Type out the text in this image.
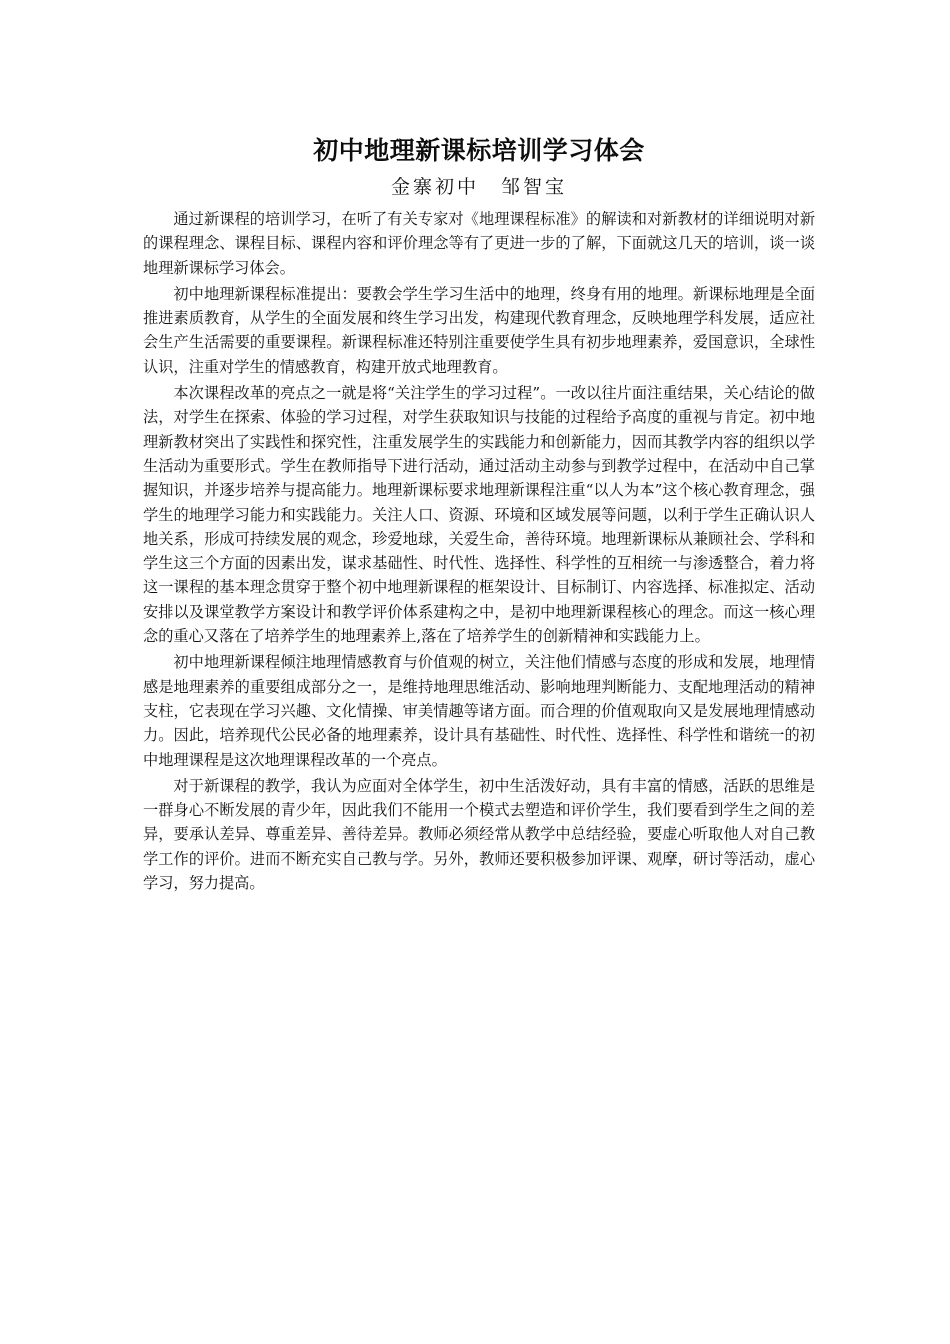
初中地理新课标培训学习体会
金寨初中 邹智宝

通过新课程的培训学习，在听了有关专家对《地理课程标准》的解读和对新教材的详细说明对新的课程理念、课程目标、课程内容和评价理念等有了更进一步的了解，下面就这几天的培训，谈一谈地理新课标学习体会。

初中地理新课程标准提出：要教会学生学习生活中的地理，终身有用的地理。新课标地理是全面推进素质教育，从学生的全面发展和终生学习出发，构建现代教育理念，反映地理学科发展，适应社会生产生活需要的重要课程。新课程标准还特别注重要使学生具有初步地理素养，爱国意识，全球性认识，注重对学生的情感教育，构建开放式地理教育。

本次课程改革的亮点之一就是将“关注学生的学习过程”。一改以往片面注重结果，关心结论的做法，对学生在探索、体验的学习过程，对学生获取知识与技能的过程给予高度的重视与肯定。初中地理新教材突出了实践性和探究性，注重发展学生的实践能力和创新能力，因而其教学内容的组织以学生活动为重要形式。学生在教师指导下进行活动，通过活动主动参与到教学过程中，在活动中自己掌握知识，并逐步培养与提高能力。地理新课标要求地理新课程注重“以人为本”这个核心教育理念，强学生的地理学习能力和实践能力。关注人口、资源、环境和区域发展等问题，以利于学生正确认识人地关系，形成可持续发展的观念，珍爱地球，关爱生命，善待环境。地理新课标从兼顾社会、学科和学生这三个方面的因素出发，谋求基础性、时代性、选择性、科学性的互相统一与渗透整合，着力将这一课程的基本理念贯穿于整个初中地理新课程的框架设计、目标制订、内容选择、标准拟定、活动安排以及课堂教学方案设计和教学评价体系建构之中，是初中地理新课程核心的理念。而这一核心理念的重心又落在了培养学生的地理素养上,落在了培养学生的创新精神和实践能力上。

初中地理新课程倾注地理情感教育与价值观的树立，关注他们情感与态度的形成和发展，地理情感是地理素养的重要组成部分之一，是维持地理思维活动、影响地理判断能力、支配地理活动的精神支柱，它表现在学习兴趣、文化情操、审美情趣等诸方面。而合理的价值观取向又是发展地理情感动力。因此，培养现代公民必备的地理素养，设计具有基础性、时代性、选择性、科学性和谐统一的初中地理课程是这次地理课程改革的一个亮点。

对于新课程的教学，我认为应面对全体学生，初中生活泼好动，具有丰富的情感，活跃的思维是一群身心不断发展的青少年，因此我们不能用一个模式去塑造和评价学生，我们要看到学生之间的差异，要承认差异、尊重差异、善待差异。教师必须经常从教学中总结经验，要虚心听取他人对自己教学工作的评价。进而不断充实自己教与学。另外，教师还要积极参加评课、观摩，研讨等活动，虚心学习，努力提高。
